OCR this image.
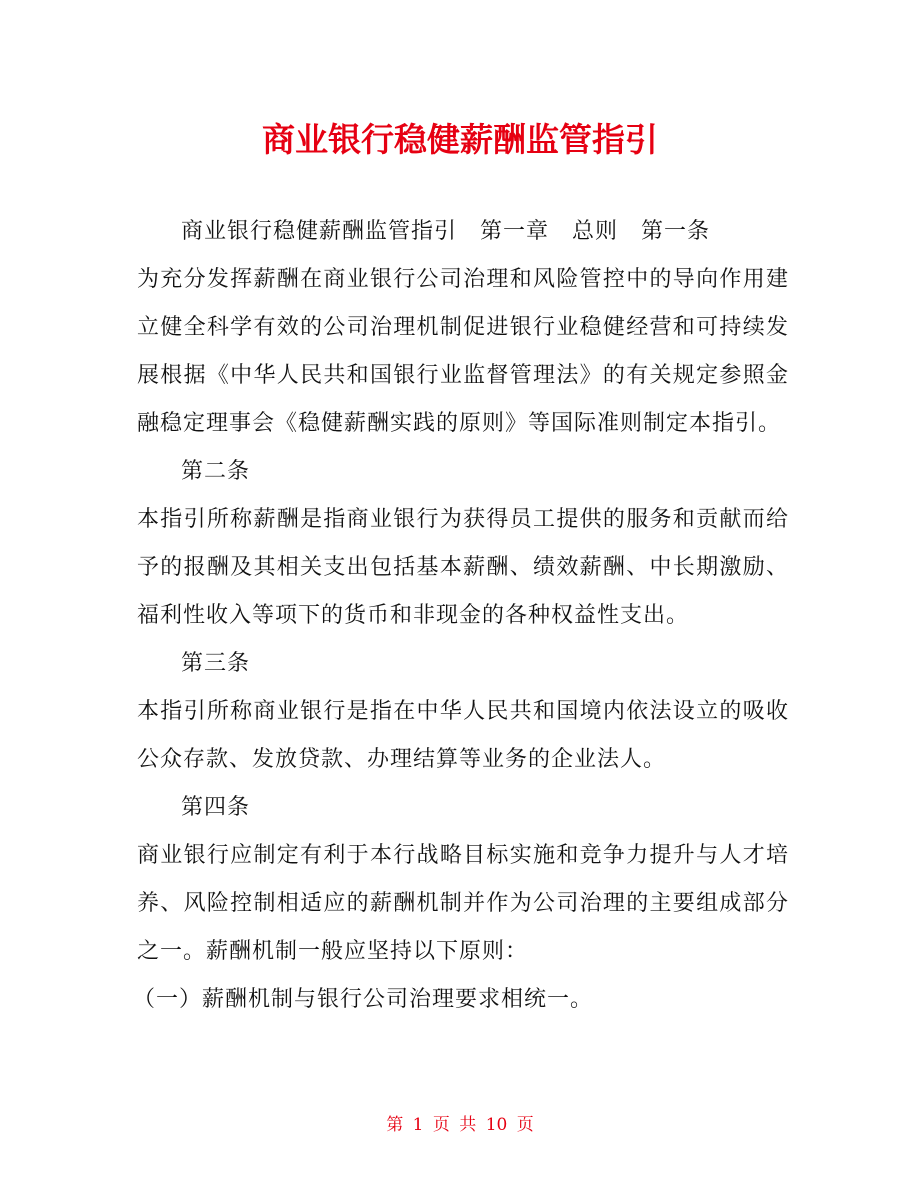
商业银行稳健薪酬监管指引

商业银行稳健薪酬监管指引　第一章　总则　第一条

为充分发挥薪酬在商业银行公司治理和风险管控中的导向作用建立健全科学有效的公司治理机制促进银行业稳健经营和可持续发展根据《中华人民共和国银行业监督管理法》的有关规定参照金融稳定理事会《稳健薪酬实践的原则》等国际准则制定本指引。

第二条

本指引所称薪酬是指商业银行为获得员工提供的服务和贡献而给予的报酬及其相关支出包括基本薪酬、绩效薪酬、中长期激励、福利性收入等项下的货币和非现金的各种权益性支出。

第三条

本指引所称商业银行是指在中华人民共和国境内依法设立的吸收公众存款、发放贷款、办理结算等业务的企业法人。

第四条

商业银行应制定有利于本行战略目标实施和竞争力提升与人才培养、风险控制相适应的薪酬机制并作为公司治理的主要组成部分之一。薪酬机制一般应坚持以下原则：

（一）薪酬机制与银行公司治理要求相统一。

第 1 页 共 10 页
